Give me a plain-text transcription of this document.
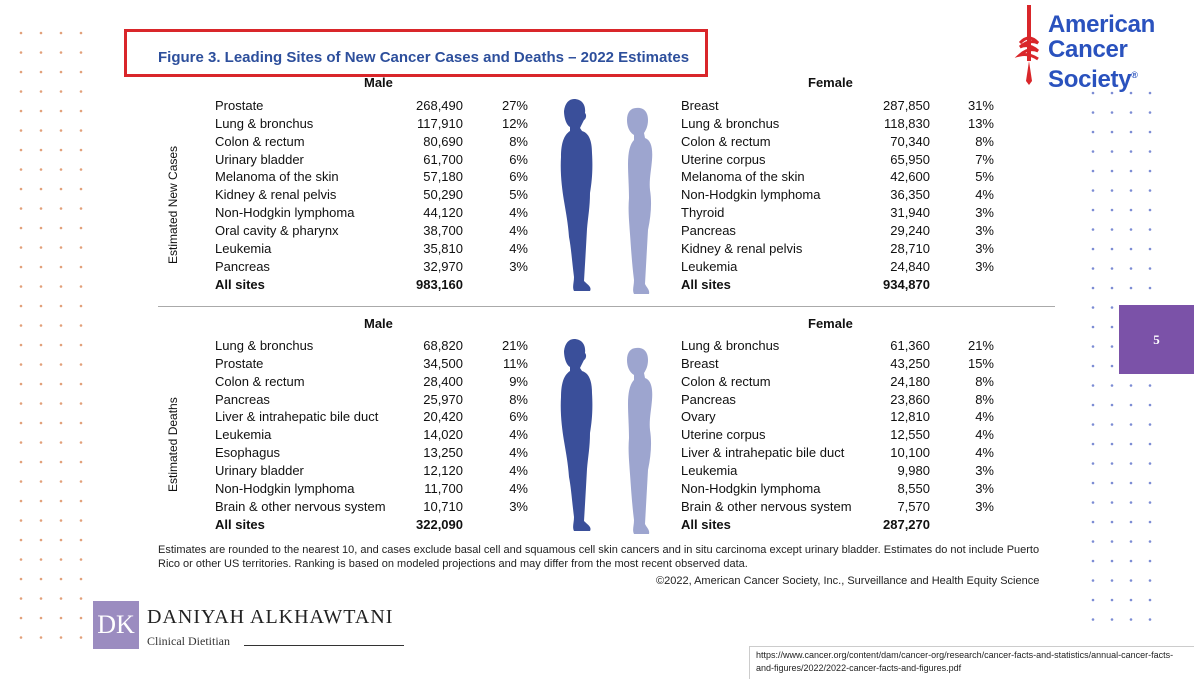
Figure 3. Leading Sites of New Cancer Cases and Deaths – 2022 Estimates
American
Cancer
Society®
Male	Female
Male	Female
Estimated New Cases
Estimated Deaths
Prostate	268,490	27%
Lung & bronchus	117,910	12%
Colon & rectum	80,690	8%
Urinary bladder	61,700	6%
Melanoma of the skin	57,180	6%
Kidney & renal pelvis	50,290	5%
Non-Hodgkin lymphoma	44,120	4%
Oral cavity & pharynx	38,700	4%
Leukemia	35,810	4%
Pancreas	32,970	3%
All sites	983,160
Breast	287,850	31%
Lung & bronchus	118,830	13%
Colon & rectum	70,340	8%
Uterine corpus	65,950	7%
Melanoma of the skin	42,600	5%
Non-Hodgkin lymphoma	36,350	4%
Thyroid	31,940	3%
Pancreas	29,240	3%
Kidney & renal pelvis	28,710	3%
Leukemia	24,840	3%
All sites	934,870
Lung & bronchus	68,820	21%
Prostate	34,500	11%
Colon & rectum	28,400	9%
Pancreas	25,970	8%
Liver & intrahepatic bile duct	20,420	6%
Leukemia	14,020	4%
Esophagus	13,250	4%
Urinary bladder	12,120	4%
Non-Hodgkin lymphoma	11,700	4%
Brain & other nervous system	10,710	3%
All sites	322,090
Lung & bronchus	61,360	21%
Breast	43,250	15%
Colon & rectum	24,180	8%
Pancreas	23,860	8%
Ovary	12,810	4%
Uterine corpus	12,550	4%
Liver & intrahepatic bile duct	10,100	4%
Leukemia	9,980	3%
Non-Hodgkin lymphoma	8,550	3%
Brain & other nervous system	7,570	3%
All sites	287,270
Estimates are rounded to the nearest 10, and cases exclude basal cell and squamous cell skin cancers and in situ carcinoma except urinary bladder. Estimates do not include Puerto Rico or other US territories. Ranking is based on modeled projections and may differ from the most recent observed data.
©2022, American Cancer Society, Inc., Surveillance and Health Equity Science
5
DK DANIYAH ALKHAWTANI
Clinical Dietitian
https://www.cancer.org/content/dam/cancer-org/research/cancer-facts-and-statistics/annual-cancer-facts-and-figures/2022/2022-cancer-facts-and-figures.pdf
